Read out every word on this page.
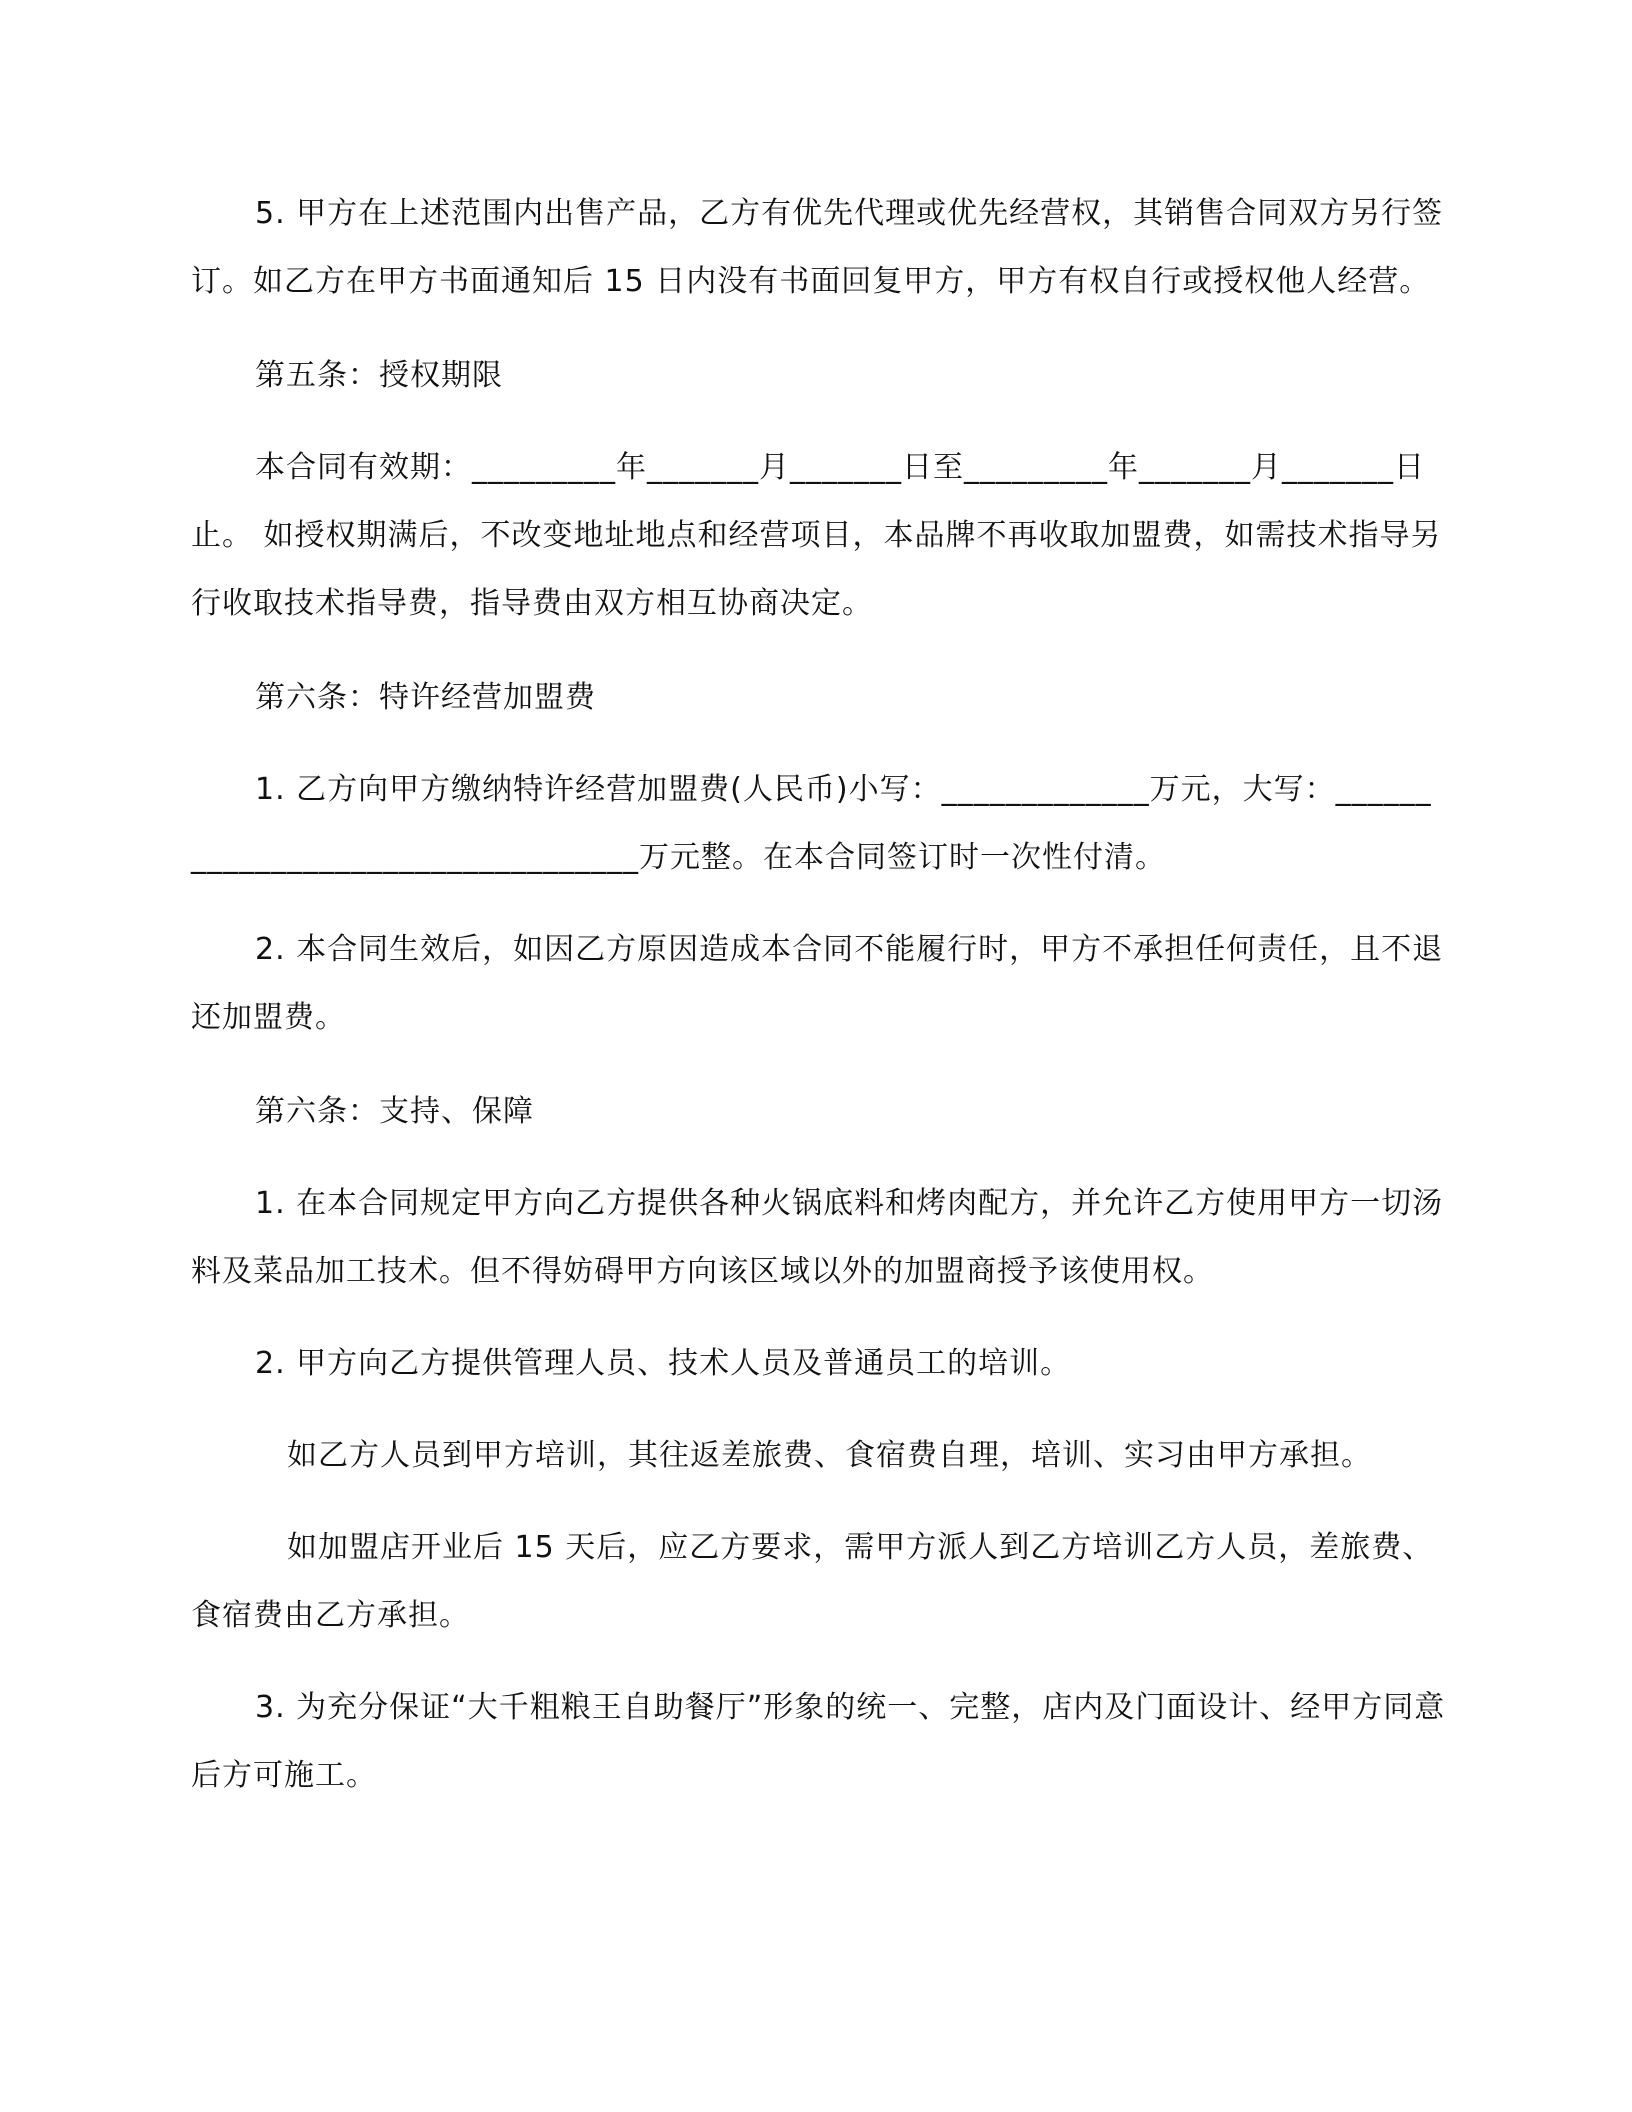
5. 甲方在上述范围内出售产品，乙方有优先代理或优先经营权，其销售合同双方另行签订。如乙方在甲方书面通知后 15 日内没有书面回复甲方，甲方有权自行或授权他人经营。

第五条：授权期限

本合同有效期：_________年_______月_______日至_________年_______月_______日止。 如授权期满后，不改变地址地点和经营项目，本品牌不再收取加盟费，如需技术指导另行收取技术指导费，指导费由双方相互协商决定。

第六条：特许经营加盟费

1. 乙方向甲方缴纳特许经营加盟费(人民币)小写：_____________万元，大写：__________________________________万元整。在本合同签订时一次性付清。

2. 本合同生效后，如因乙方原因造成本合同不能履行时，甲方不承担任何责任，且不退还加盟费。

第六条：支持、保障

1. 在本合同规定甲方向乙方提供各种火锅底料和烤肉配方，并允许乙方使用甲方一切汤料及菜品加工技术。但不得妨碍甲方向该区域以外的加盟商授予该使用权。

2. 甲方向乙方提供管理人员、技术人员及普通员工的培训。

如乙方人员到甲方培训，其往返差旅费、食宿费自理，培训、实习由甲方承担。

如加盟店开业后 15 天后，应乙方要求，需甲方派人到乙方培训乙方人员，差旅费、食宿费由乙方承担。

3. 为充分保证“大千粗粮王自助餐厅”形象的统一、完整，店内及门面设计、经甲方同意后方可施工。
